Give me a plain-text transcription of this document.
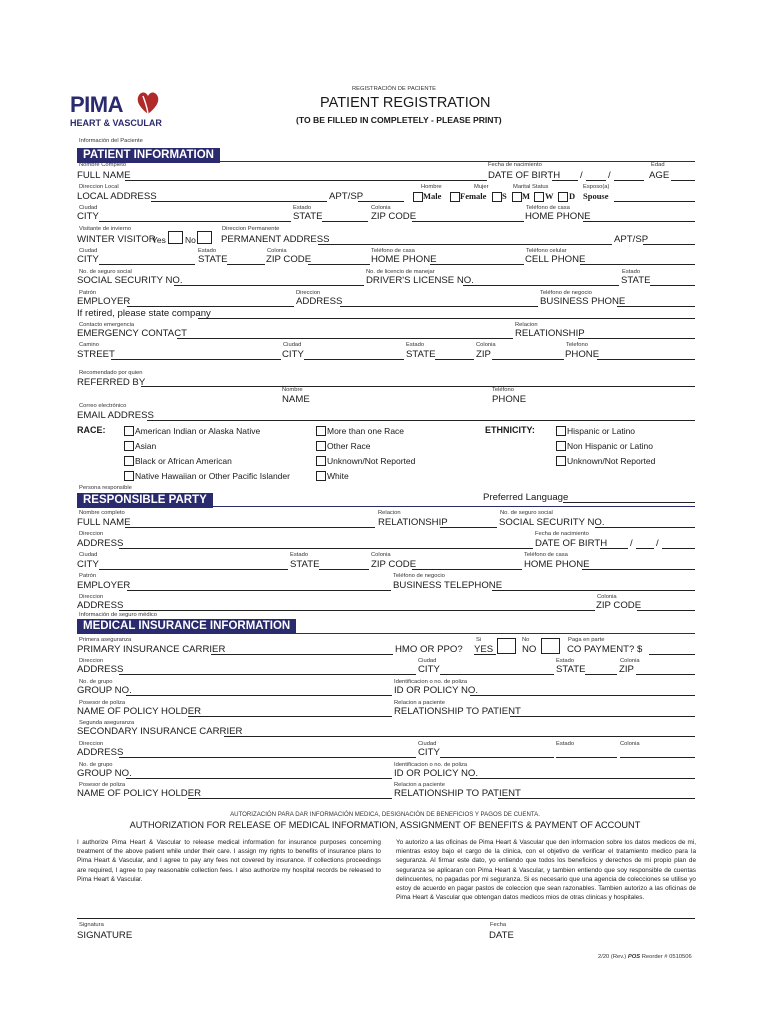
REGISTRACIÓN DE PACIENTE
PATIENT REGISTRATION
(TO BE FILLED IN COMPLETELY - PLEASE PRINT)
PIMA
HEART & VASCULAR
Información del Paciente
PATIENT INFORMATION
Nombre Completo	Fecha de nacimiento	Edad
FULL NAME	DATE OF BIRTH /	/	AGE
Direccion Local	Hombre	Mujer	Marital Status	Esposo(a)
LOCAL ADDRESS	APT/SP	Male Female S M W D Spouse
Ciudad	Estado	Colonia	Teléfono de casa
CITY	STATE	ZIP CODE	HOME PHONE
Visitante de invierno	Direccion Permanente
WINTER VISITOR
Yes No	PERMANENT ADDRESS	APT/SP
Ciudad	Estado	Colonia	Teléfono de casa	Teléfono celular
CITY	STATE	ZIP CODE	HOME PHONE	CELL PHONE
No. de seguro social	No. de licencio de manejar	Estado
SOCIAL SECURITY NO.	DRIVER'S LICENSE NO.	STATE
Patrón	Direccion	Teléfono de negocio
EMPLOYER	ADDRESS	BUSINESS PHONE
If retired, please state company
Contacto emergencia	Relacion
EMERGENCY CONTACT	RELATIONSHIP
Camino	Ciudad	Estado	Colonia	Telefono
STREET	CITY	STATE	ZIP	PHONE
Recomendado por quien
REFERRED BY
Nombre	Teléfono
NAME	PHONE
Correo electrónico
EMAIL ADDRESS
RACE:	American Indian or Alaska Native
Asian
Black or African American
Native Hawaiian or Other Pacific Islander
More than one Race
Other Race
Unknown/Not Reported
White
ETHNICITY:	Hispanic or Latino
Non Hispanic or Latino
Unknown/Not Reported
Persona responsible
RESPONSIBLE PARTY	Preferred Language
Nombre completo	Relacion	No. de seguro social
FULL NAME	RELATIONSHIP	SOCIAL SECURITY NO.
Direccion	Fecha de nacimiento
ADDRESS	DATE OF BIRTH / /
Ciudad	Estado	Colonia	Teléfono de casa
CITY	STATE	ZIP CODE	HOME PHONE
Patrón	Teléfono de negocio
EMPLOYER	BUSINESS TELEPHONE
Direccion	Colonia
ADDRESS	ZIP CODE
Información de seguro médico
MEDICAL INSURANCE INFORMATION
Primera aseguranza	Si	No	Paga en parte
PRIMARY INSURANCE CARRIER	HMO OR PPO? YES	NO	CO PAYMENT? $
Direccion	Ciudad	Estado	Colonia
ADDRESS	CITY	STATE	ZIP
No. de grupo	Identificacion o no. de poliza
GROUP NO.	ID OR POLICY NO.
Posesor de poliza	Relacion a paciente
NAME OF POLICY HOLDER	RELATIONSHIP TO PATIENT
Segunda aseguranza
SECONDARY INSURANCE CARRIER
Direccion	Ciudad	Estado	Colonia
ADDRESS	CITY
No. de grupo	Identificacion o no. de poliza
GROUP NO.	ID OR POLICY NO.
Posesor de poliza	Relacion a paciente
NAME OF POLICY HOLDER	RELATIONSHIP TO PATIENT
AUTORIZACIÓN PARA DAR INFORMACIÓN MEDICA, DESIGNACIÓN DE BENEFICIOS Y PAGOS DE CUENTA.
AUTHORIZATION FOR RELEASE OF MEDICAL INFORMATION, ASSIGNMENT OF BENEFITS & PAYMENT OF ACCOUNT
I authorize Pima Heart & Vascular to release medical information for insurance purposes concerning treatment of the above patient while under their care. I assign my rights to benefits of insurance plans to Pima Heart & Vascular, and I agree to pay any fees not covered by insurance. If collections proceedings are required, I agree to pay reasonable collection fees. I also authorize my hospital records be released to Pima Heart & Vascular.
Yo autorizo a las oficinas de Pima Heart & Vascular que den informacion sobre los datos medicos de mi, mientras estoy bajo el cargo de la clinica, con el objetivo de verificar el tratamiento medico para la seguranza. Al firmar este dato, yo entiendo que todos los beneficios y derechos de mi propio plan de seguranza se aplicaran con Pima Heart & Vascular, y tambien entiendo que soy responsible de cuentas delincuentes, no pagadas por mi seguranza. Si es necesario que una agencia de colecciones se utilise yo estoy de acuerdo en pagar pastos de coleccion que sean razonables. Tambien autorizo a las oficinas de Pima Heart & Vascular que obtengan datos medicos mios de otras clinicas y hospitales.
Signatura
SIGNATURE
Fecha
DATE
2/20 (Rev.) POS Reorder # 0510506
